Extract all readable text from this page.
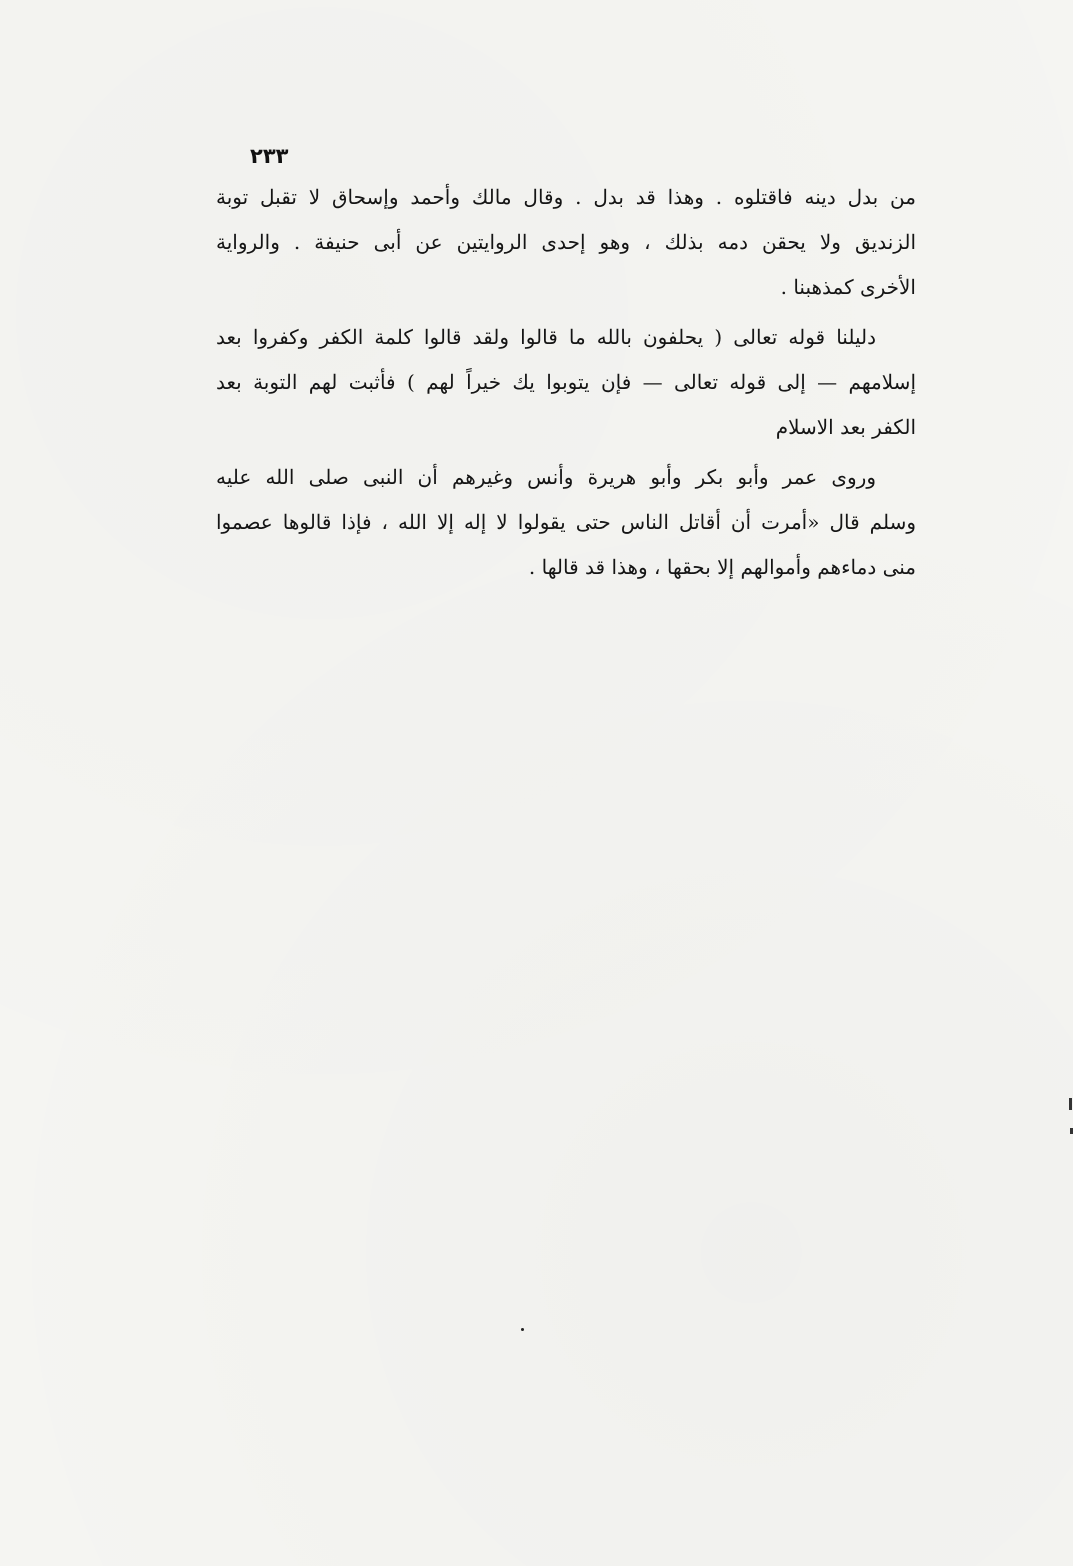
٢٣٣

من بدل دينه فاقتلوه . وهذا قد بدل . وقال مالك وأحمد وإسحاق لا تقبل توبة
الزنديق ولا يحقن دمه بذلك ، وهو إحدى الروايتين عن أبى حنيفة . والرواية
الأخرى كمذهبنا .

دليلنا قوله تعالى ( يحلفون بالله ما قالوا ولقد قالوا كلمة الكفر وكفروا بعد
إسلامهم — إلى قوله تعالى — فإن يتوبوا يك خيراً لهم ) فأثبت لهم التوبة بعد
الكفر بعد الاسلام

وروى عمر وأبو بكر وأبو هريرة وأنس وغيرهم أن النبى صلى الله عليه
وسلم قال «أمرت أن أقاتل الناس حتى يقولوا لا إله إلا الله ، فإذا قالوها عصموا
منى دماءهم وأموالهم إلا بحقها ، وهذا قد قالها .
